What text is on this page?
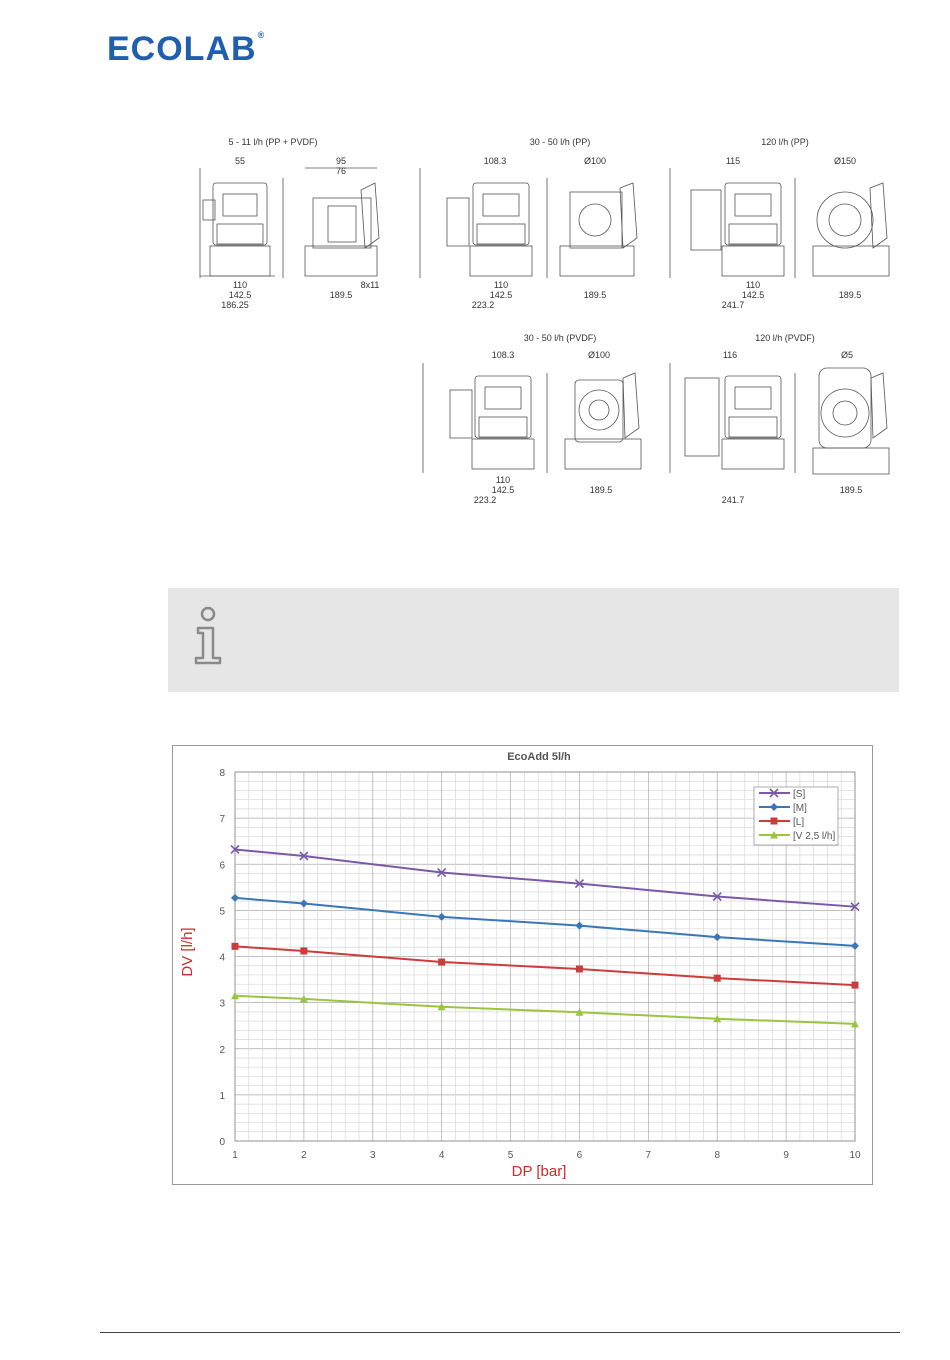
ECOLAB®
5 - 11 l/h (PP + PVDF)	30 - 50 l/h (PP)	120 l/h (PP)
30 - 50 l/h (PVDF)	120 l/h (PVDF)
55	95
76
110
142.5
186.25
8x11
189.5
108.3
110
142.5
223.2
Ø100
189.5
115
110
142.5
241.7
Ø150
189.5
108.3
223.2
Ø100
110
142.5	189.5
116
241.7
Ø5
189.5
EcoAdd 5l/h
1	2	3	4	5	6	7	8	9	10
0
1
2
3
4
5
6
7
8
DP [bar]
DV [l/h]
[S]
[M]
[L]
[V 2,5 l/h]
